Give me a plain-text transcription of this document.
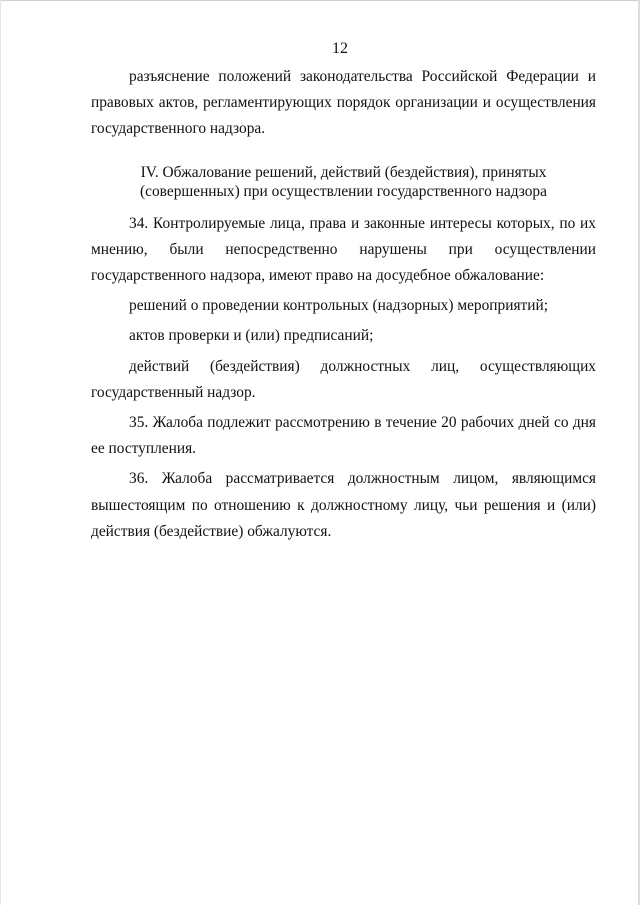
12

разъяснение положений законодательства Российской Федерации и правовых актов, регламентирующих порядок организации и осуществления государственного надзора.

IV. Обжалование решений, действий (бездействия), принятых
(совершенных) при осуществлении государственного надзора

34. Контролируемые лица, права и законные интересы которых, по их мнению, были непосредственно нарушены при осуществлении государственного надзора, имеют право на досудебное обжалование:

решений о проведении контрольных (надзорных) мероприятий;

актов проверки и (или) предписаний;

действий (бездействия) должностных лиц, осуществляющих государственный надзор.

35. Жалоба подлежит рассмотрению в течение 20 рабочих дней со дня ее поступления.

36. Жалоба рассматривается должностным лицом, являющимся вышестоящим по отношению к должностному лицу, чьи решения и (или) действия (бездействие) обжалуются.
